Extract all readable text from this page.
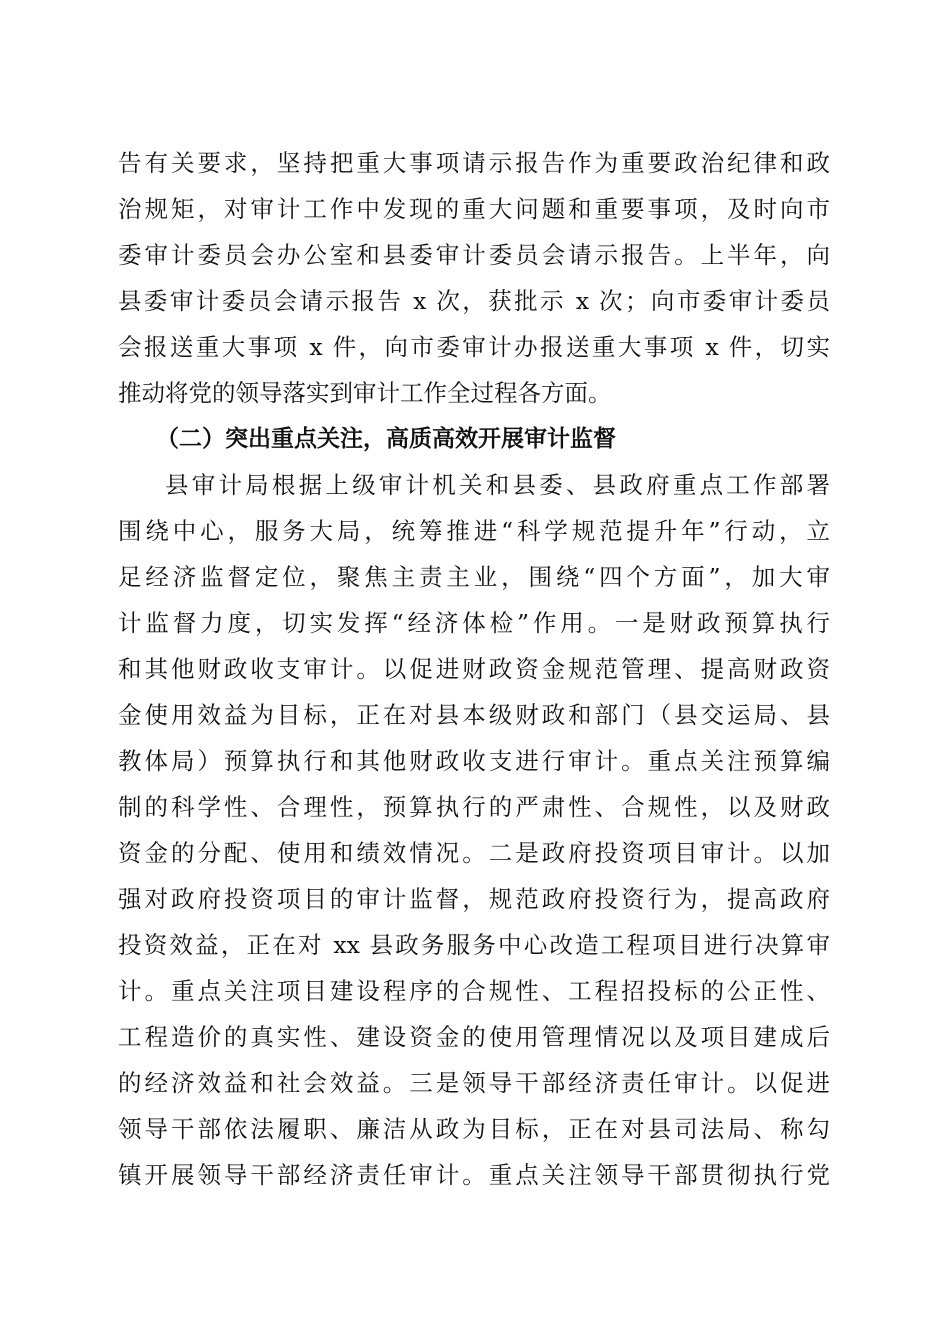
告有关要求，坚持把重大事项请示报告作为重要政治纪律和政
治规矩，对审计工作中发现的重大问题和重要事项，及时向市
委审计委员会办公室和县委审计委员会请示报告。上半年，向
县委审计委员会请示报告 x 次，获批示 x 次；向市委审计委员
会报送重大事项 x 件，向市委审计办报送重大事项 x 件，切实
推动将党的领导落实到审计工作全过程各方面。
（二）突出重点关注，高质高效开展审计监督
县审计局根据上级审计机关和县委、县政府重点工作部署
围绕中心，服务大局，统筹推进“科学规范提升年”行动，立
足经济监督定位，聚焦主责主业，围绕“四个方面”，加大审
计监督力度，切实发挥“经济体检”作用。一是财政预算执行
和其他财政收支审计。以促进财政资金规范管理、提高财政资
金使用效益为目标，正在对县本级财政和部门（县交运局、县
教体局）预算执行和其他财政收支进行审计。重点关注预算编
制的科学性、合理性，预算执行的严肃性、合规性，以及财政
资金的分配、使用和绩效情况。二是政府投资项目审计。以加
强对政府投资项目的审计监督，规范政府投资行为，提高政府
投资效益，正在对 xx 县政务服务中心改造工程项目进行决算审
计。重点关注项目建设程序的合规性、工程招投标的公正性、
工程造价的真实性、建设资金的使用管理情况以及项目建成后
的经济效益和社会效益。三是领导干部经济责任审计。以促进
领导干部依法履职、廉洁从政为目标，正在对县司法局、称勾
镇开展领导干部经济责任审计。重点关注领导干部贯彻执行党
